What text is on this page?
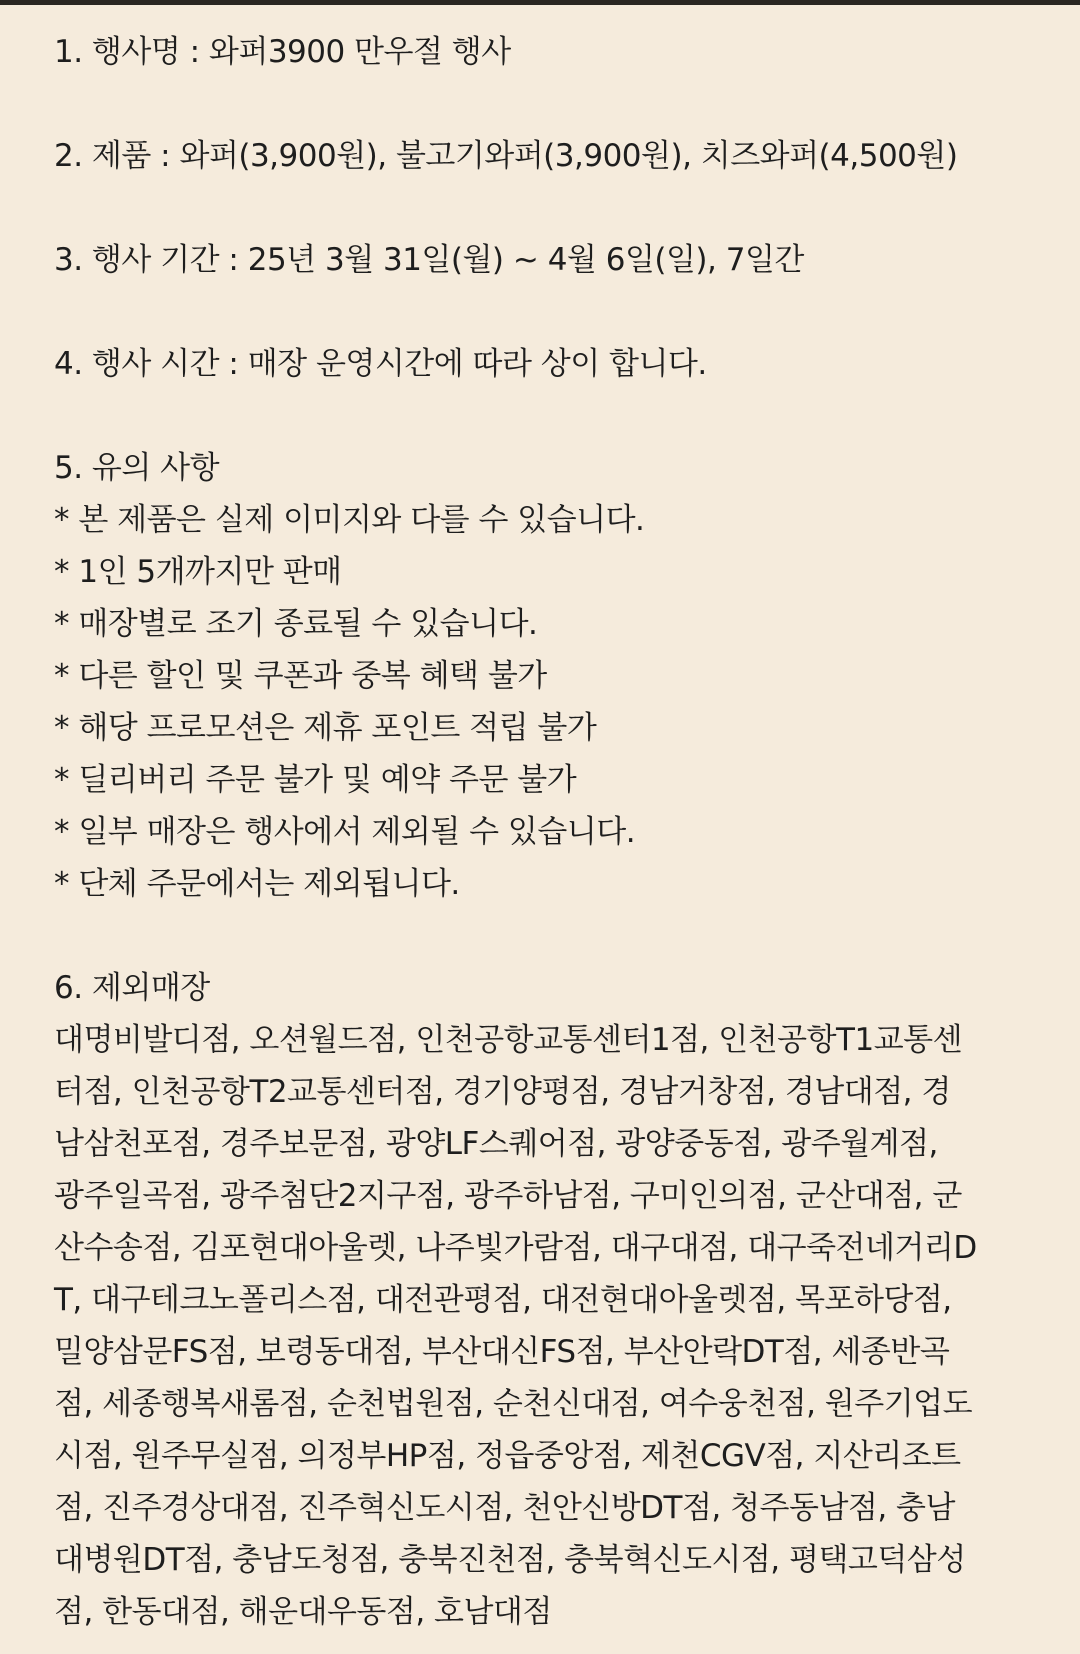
1. 행사명 : 와퍼3900 만우절 행사
2. 제품 : 와퍼(3,900원), 불고기와퍼(3,900원), 치즈와퍼(4,500원)
3. 행사 기간 : 25년 3월 31일(월) ~ 4월 6일(일), 7일간
4. 행사 시간 : 매장 운영시간에 따라 상이 합니다.
5. 유의 사항
* 본 제품은 실제 이미지와 다를 수 있습니다.
* 1인 5개까지만 판매
* 매장별로 조기 종료될 수 있습니다.
* 다른 할인 및 쿠폰과 중복 혜택 불가
* 해당 프로모션은 제휴 포인트 적립 불가
* 딜리버리 주문 불가 및 예약 주문 불가
* 일부 매장은 행사에서 제외될 수 있습니다.
* 단체 주문에서는 제외됩니다.
6. 제외매장
대명비발디점, 오션월드점, 인천공항교통센터1점, 인천공항T1교통센
터점, 인천공항T2교통센터점, 경기양평점, 경남거창점, 경남대점, 경
남삼천포점, 경주보문점, 광양LF스퀘어점, 광양중동점, 광주월계점,
광주일곡점, 광주첨단2지구점, 광주하남점, 구미인의점, 군산대점, 군
산수송점, 김포현대아울렛, 나주빛가람점, 대구대점, 대구죽전네거리D
T, 대구테크노폴리스점, 대전관평점, 대전현대아울렛점, 목포하당점,
밀양삼문FS점, 보령동대점, 부산대신FS점, 부산안락DT점, 세종반곡
점, 세종행복새롬점, 순천법원점, 순천신대점, 여수웅천점, 원주기업도
시점, 원주무실점, 의정부HP점, 정읍중앙점, 제천CGV점, 지산리조트
점, 진주경상대점, 진주혁신도시점, 천안신방DT점, 청주동남점, 충남
대병원DT점, 충남도청점, 충북진천점, 충북혁신도시점, 평택고덕삼성
점, 한동대점, 해운대우동점, 호남대점
